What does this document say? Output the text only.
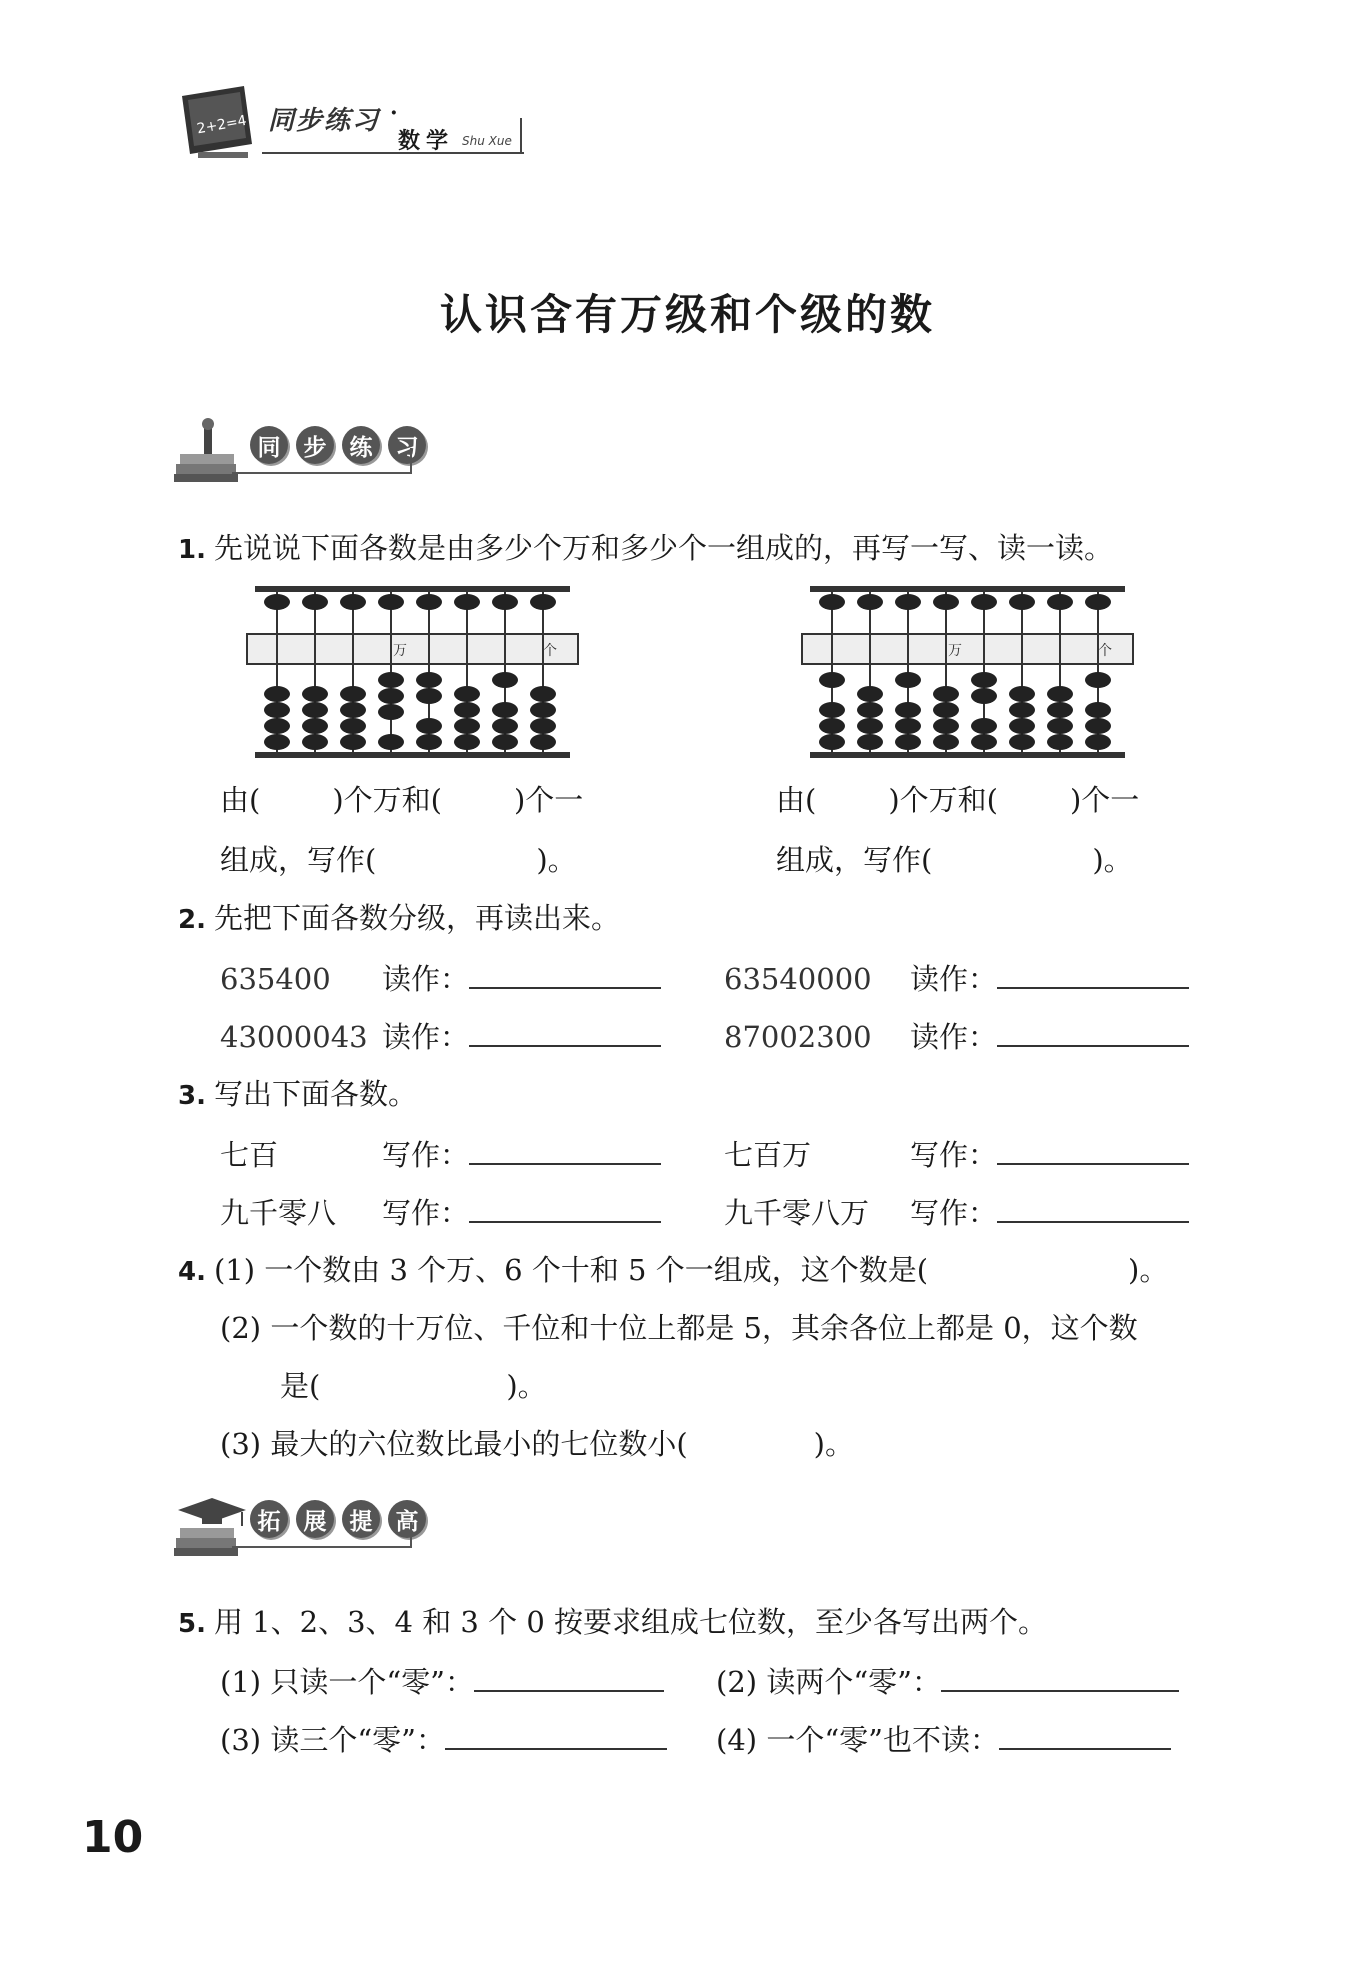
2+2=4 同步练习 ·
数学 Shu Xue
认识含有万级和个级的数
同	步	练	习
1. 先说说下面各数是由多少个万和多少个一组成的，再写一写、读一读。
万	个	万	个
由( )个万和( )个一
组成，写作(	)。
由( )个万和( )个一
组成，写作(	)。
2. 先把下面各数分级，再读出来。
635400 读作：	63540000 读作：
43000043 读作：	87002300 读作：
3. 写出下面各数。
七百	写作：	七百万	写作：
九千零八 写作：	九千零八万 写作：
4. (1) 一个数由 3 个万、6 个十和 5 个一组成，这个数是(	)。
(2) 一个数的十万位、千位和十位上都是 5，其余各位上都是 0，这个数
是(	)。
(3) 最大的六位数比最小的七位数小(	)。
拓	展	提	高
5. 用 1、2、3、4 和 3 个 0 按要求组成七位数，至少各写出两个。
(1) 只读一个“零”：	(2) 读两个“零”：
(3) 读三个“零”：	(4) 一个“零”也不读：
10
